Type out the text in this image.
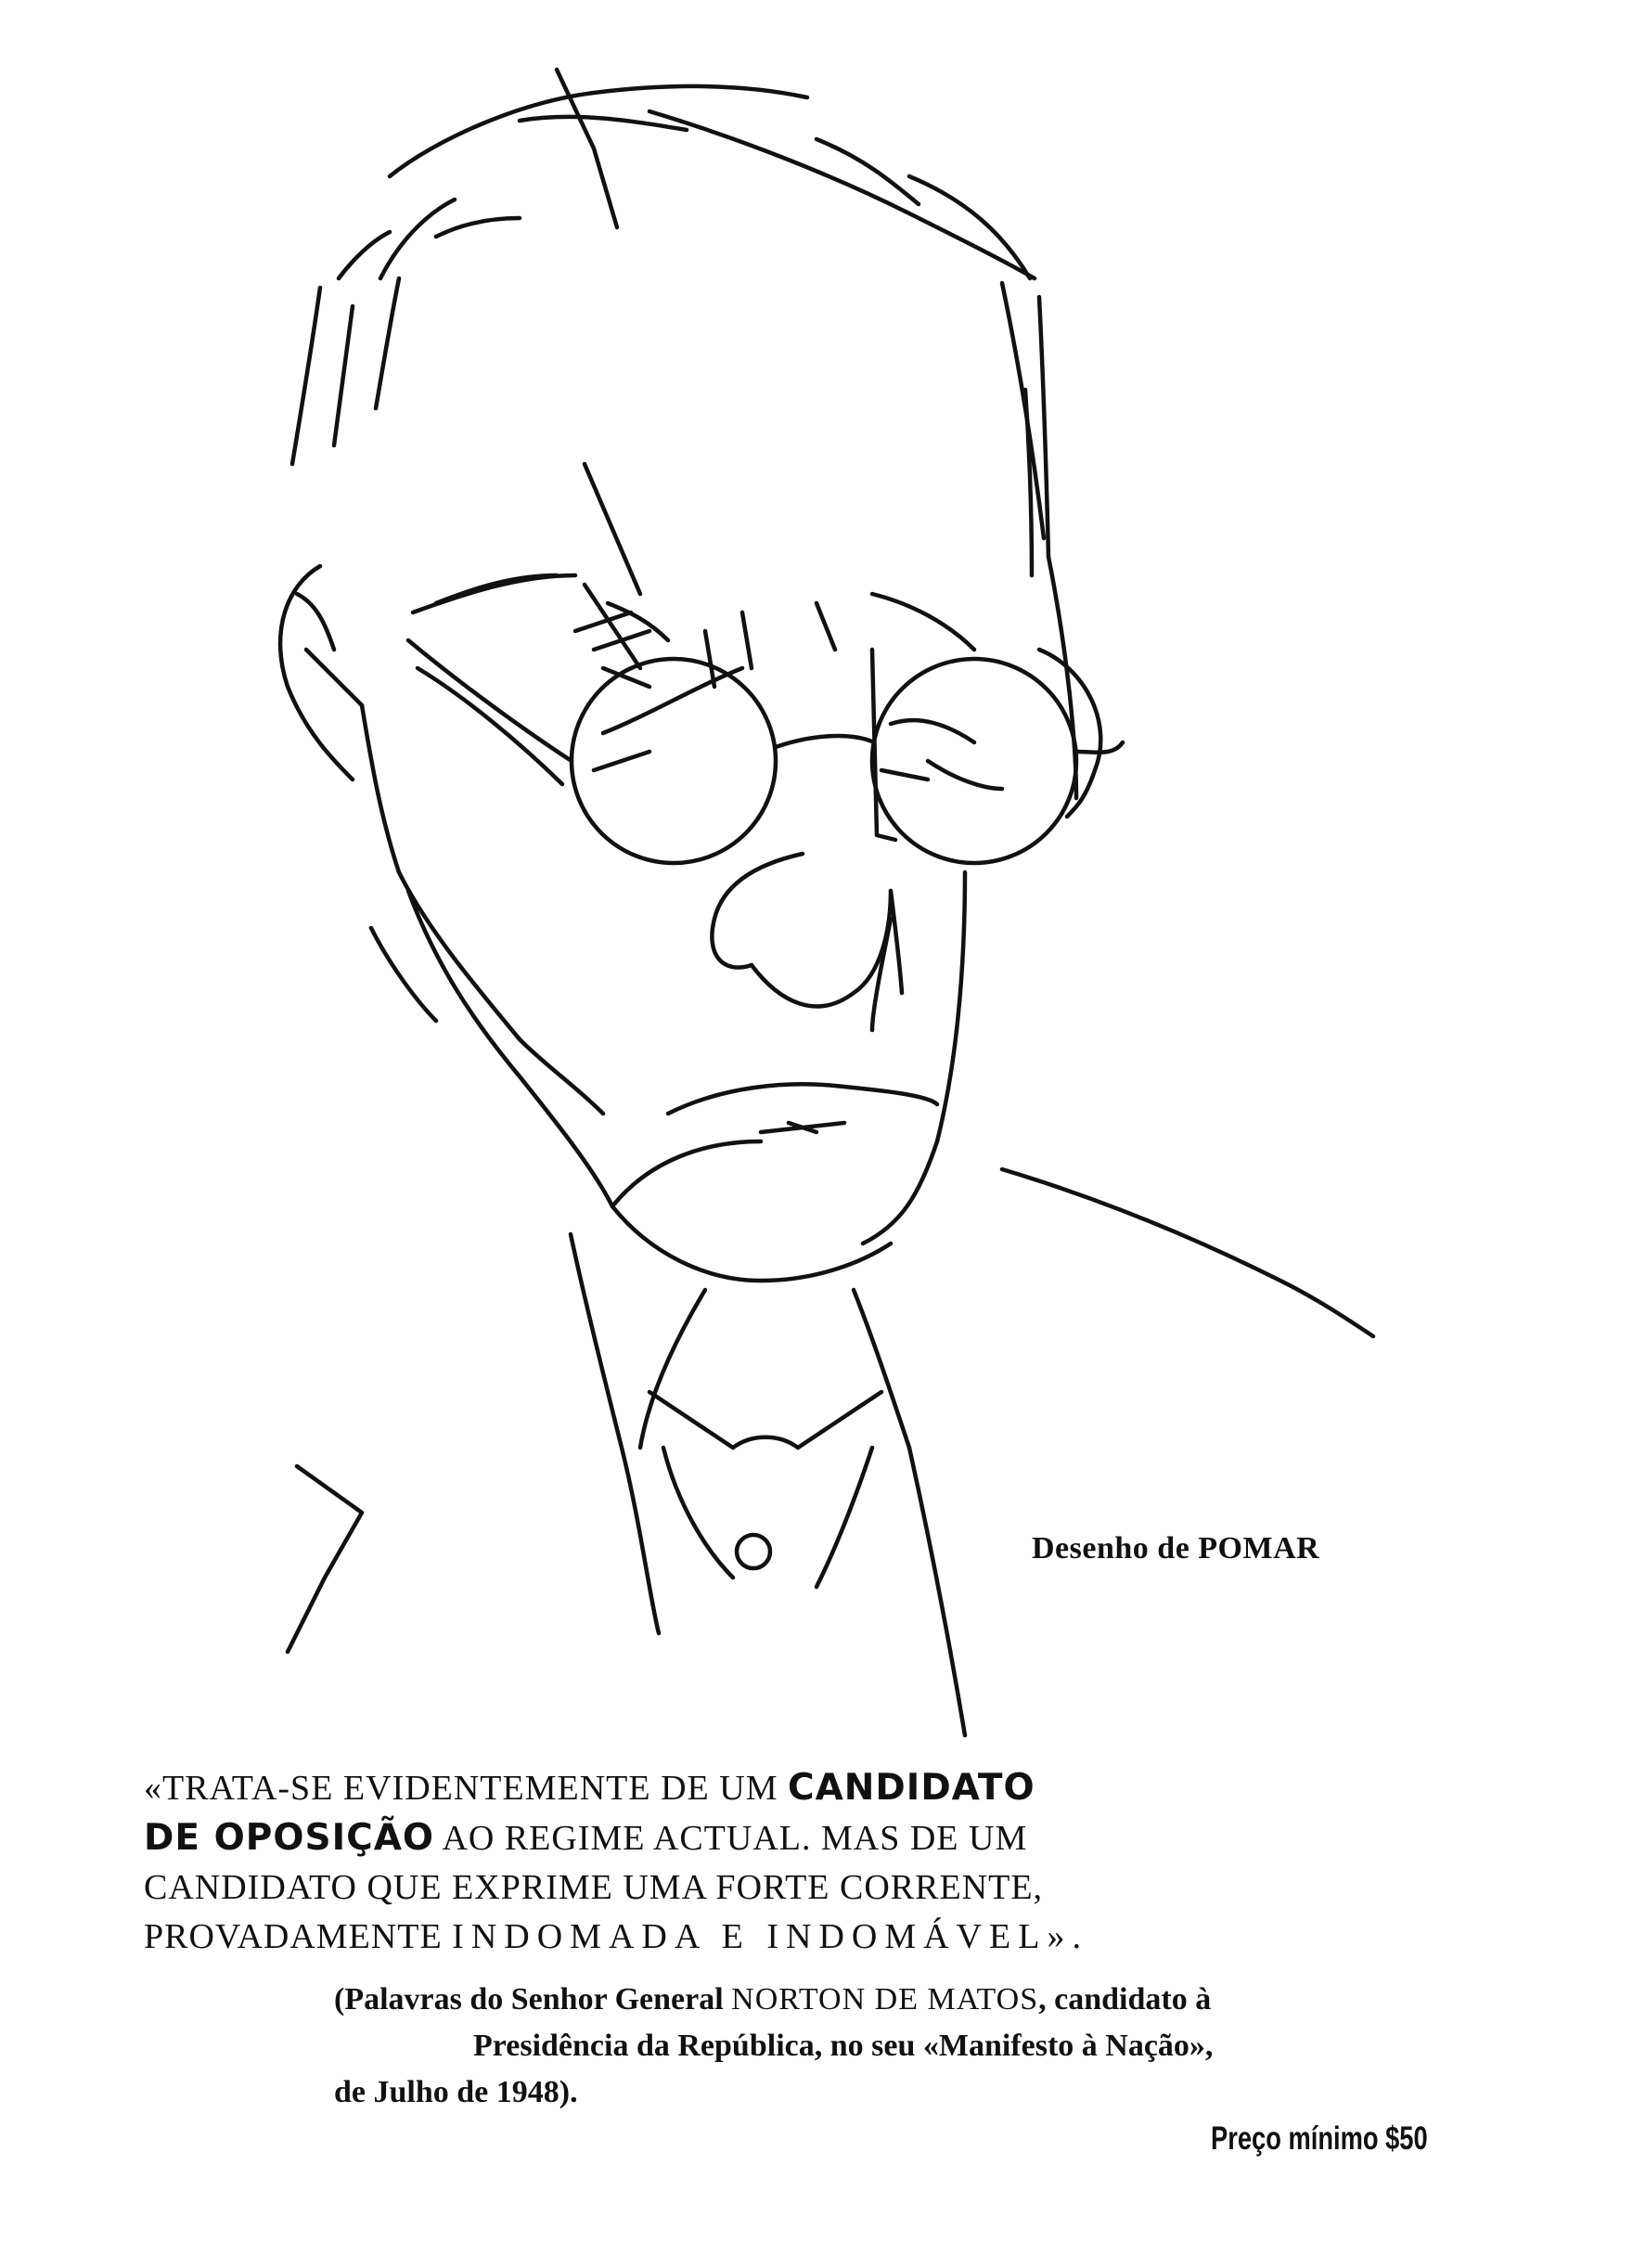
Desenho de POMAR
«TRATA-SE EVIDENTEMENTE DE UM CANDIDATO
DE OPOSIÇÃO AO REGIME ACTUAL. MAS DE UM
CANDIDATO QUE EXPRIME UMA FORTE CORRENTE,
PROVADAMENTE INDOMADA E INDOMÁVEL».
(Palavras do Senhor General NORTON DE MATOS, candidato à
Presidência da República, no seu «Manifesto à Nação»,
de Julho de 1948).
Preço mínimo $50
